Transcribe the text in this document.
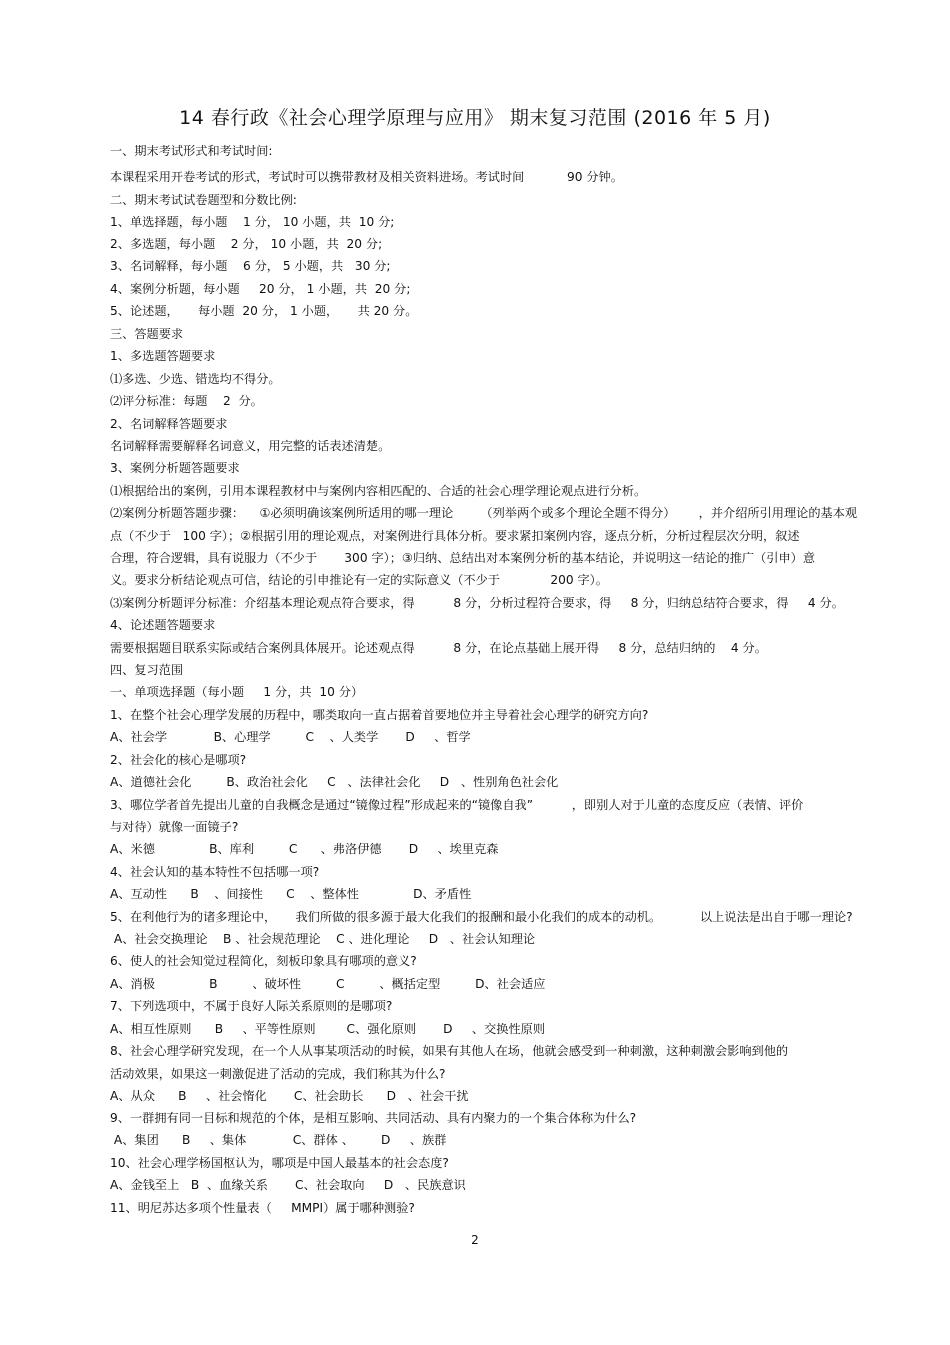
14 春行政《社会心理学原理与应用》 期末复习范围 (2016 年 5 月)
一、期末考试形式和考试时间:
本课程采用开卷考试的形式，考试时可以携带教材及相关资料进场。考试时间           90 分钟。
二、期末考试试卷题型和分数比例:
1、单选择题，每小题    1 分， 10 小题，共  10 分;
2、多选题，每小题    2 分， 10 小题，共  20 分;
3、名词解释，每小题    6 分， 5 小题，共   30 分;
4、案例分析题，每小题     20 分， 1 小题，共  20 分;
5、论述题，     每小题  20 分， 1 小题，     共 20 分。
三、答题要求
1、多选题答题要求
⑴多选、少选、错选均不得分。
⑵评分标准：每题    2  分。
2、名词解释答题要求
名词解释需要解释名词意义，用完整的话表述清楚。
3、案例分析题答题要求
⑴根据给出的案例，引用本课程教材中与案例内容相匹配的、合适的社会心理学理论观点进行分析。
⑵案例分析题答题步骤：    ①必须明确该案例所适用的哪一理论       （列举两个或多个理论全题不得分）      ，并介绍所引用理论的基本观
点（不少于   100 字）；②根据引用的理论观点，对案例进行具体分析。要求紧扣案例内容，逐点分析，分析过程层次分明，叙述
合理，符合逻辑，具有说服力（不少于       300 字）；③归纳、总结出对本案例分析的基本结论，并说明这一结论的推广（引申）意
义。要求分析结论观点可信，结论的引申推论有一定的实际意义（不少于             200 字）。
⑶案例分析题评分标准：介绍基本理论观点符合要求，得          8 分，分析过程符合要求，得     8 分，归纳总结符合要求，得     4 分。
4、论述题答题要求
需要根据题目联系实际或结合案例具体展开。论述观点得          8 分，在论点基础上展开得     8 分，总结归纳的    4 分。
四、复习范围
一、单项选择题（每小题     1 分，共  10 分）
1、在整个社会心理学发展的历程中，哪类取向一直占据着首要地位并主导着社会心理学的研究方向?
A、社会学            B、心理学         C    、人类学       D     、哲学
2、社会化的核心是哪项?
A、道德社会化         B、政治社会化     C   、法律社会化     D   、性别角色社会化
3、哪位学者首先提出儿童的自我概念是通过“镜像过程”形成起来的“镜像自我”          ，即别人对于儿童的态度反应（表情、评价
与对待）就像一面镜子?
A、米德              B、库利         C      、弗洛伊德       D     、埃里克森
4、社会认知的基本特性不包括哪一项?
A、互动性      B    、间接性      C    、整体性              D、矛盾性
5、在利他行为的诸多理论中，     我们所做的很多源于最大化我们的报酬和最小化我们的成本的动机。          以上说法是出自于哪一理论?
A、社会交换理论    B 、社会规范理论    C 、进化理论     D   、社会认知理论
6、使人的社会知觉过程简化，刻板印象具有哪项的意义?
A、消极              B         、破坏性         C         、概括定型         D、社会适应
7、下列选项中，不属于良好人际关系原则的是哪项?
A、相互性原则      B     、平等性原则        C、强化原则       D     、交换性原则
8、社会心理学研究发现，在一个人从事某项活动的时候，如果有其他人在场，他就会感受到一种刺激，这种刺激会影响到他的
活动效果，如果这一刺激促进了活动的完成，我们称其为什么?
A、从众      B     、社会惰化       C、社会助长      D   、社会干扰
9、一群拥有同一目标和规范的个体，是相互影响、共同活动、具有内聚力的一个集合体称为什么?
A、集团      B     、集体            C、群体 、       D     、族群
10、社会心理学杨国枢认为，哪项是中国人最基本的社会态度?
A、金钱至上   B  、血缘关系       C、社会取向     D   、民族意识
11、明尼苏达多项个性量表（     MMPI）属于哪种测验?
2
